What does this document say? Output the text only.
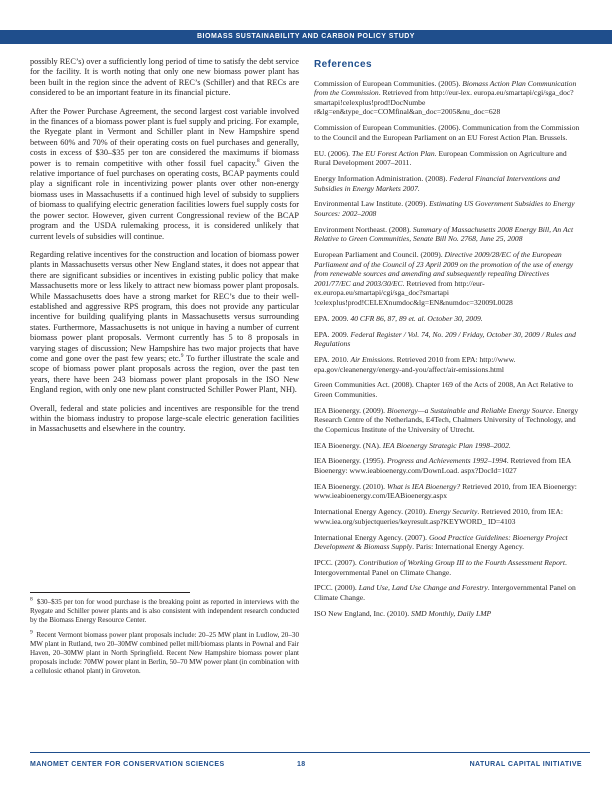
BIOMASS SUSTAINABILITY AND CARBON POLICY STUDY

possibly REC’s) over a sufficiently long period of time to satisfy the debt service for the facility. It is worth noting that only one new biomass power plant has been built in the region since the advent of REC’s (Schiller) and that RECs are considered to be an important feature in its financial picture.

After the Power Purchase Agreement, the second largest cost variable involved in the finances of a biomass power plant is fuel supply and pricing. For example, the Ryegate plant in Vermont and Schiller plant in New Hampshire spend between 60% and 70% of their operating costs on fuel purchases and generally, costs in excess of $30–$35 per ton are considered the maximums if biomass power is to remain competitive with other fossil fuel capacity.$^8$ Given the relative importance of fuel purchases on operating costs, BCAP payments could play a significant role in incentivizing power plants over other non-energy biomass uses in Massachusetts if a continued high level of subsidy to suppliers of biomass to qualifying electric generation facilities lowers fuel supply costs for the power sector. However, given current Congressional review of the BCAP program and the USDA rulemaking process, it is considered unlikely that current levels of subsidies will continue.

Regarding relative incentives for the construction and location of biomass power plants in Massachusetts versus other New England states, it does not appear that there are significant subsidies or incentives in existing public policy that make Massachusetts more or less likely to attract new biomass power plant proposals. While Massachusetts does have a strong market for REC’s due to their well-established and aggressive RPS program, this does not provide any particular incentive for building qualifying plants in Massachusetts versus surrounding states. Furthermore, Massachusetts is not unique in having a number of current biomass power plant proposals. Vermont currently has 5 to 8 proposals in varying stages of discussion; New Hampshire has two major projects that have come and gone over the past few years; etc.$^9$ To further illustrate the scale and scope of biomass power plant proposals across the region, over the past ten years, there have been 243 biomass power plant proposals in the ISO New England region, with only one new plant constructed Schiller Power Plant, NH).

Overall, federal and state policies and incentives are responsible for the trend within the biomass industry to propose large-scale electric generation facilities in Massachusetts and elsewhere in the country.

$^8$ $30–$35 per ton for wood purchase is the breaking point as reported in interviews with the Ryegate and Schiller power plants and is also consistent with independent research conducted by the Biomass Energy Resource Center.
$^9$ Recent Vermont biomass power plant proposals include: 20–25 MW plant in Ludlow, 20–30 MW plant in Rutland, two 20–30MW combined pellet mill/biomass plants in Pownal and Fair Haven, 20–30MW plant in North Springfield. Recent New Hampshire biomass power plant proposals include: 70MW power plant in Berlin, 50–70 MW power plant (in combination with a cellulosic ethanol plant) in Groveton.
References

Commission of European Communities. (2005). Biomass Action Plan Communication from the Commission. Retrieved from http://eur-lex. europa.eu/smartapi/cgi/sga_doc?smartapi!celexplus!prod!DocNumbe r&lg=en&type_doc=COMfinal&an_doc=2005&nu_doc=628

Commission of European Communities. (2006). Communication from the Commission to the Council and the European Parliament on an EU Forest Action Plan. Brussels.

EU. (2006). The EU Forest Action Plan. European Commission on Agriculture and Rural Development 2007–2011.

Energy Information Administration. (2008). Federal Financial Interventions and Subsidies in Energy Markets 2007.

Environmental Law Institute. (2009). Estimating US Government Subsidies to Energy Sources: 2002–2008

Environment Northeast. (2008). Summary of Massachusetts 2008 Energy Bill, An Act Relative to Green Communities, Senate Bill No. 2768, June 25, 2008

European Parliament and Council. (2009). Directive 2009/28/EC of the European Parliament and of the Council of 23 April 2009 on the promotion of the use of energy from renewable sources and amending and subsequently repealing Directives 2001/77/EC and 2003/30/EC. Retrieved from http://eur-ex.europa.eu/smartapi/cgi/sga_doc?smartapi !celexplus!prod!CELEXnumdoc&lg=EN&numdoc=32009L0028

EPA. 2009. 40 CFR 86, 87, 89 et. al. October 30, 2009.

EPA. 2009. Federal Register / Vol. 74, No. 209 / Friday, October 30, 2009 / Rules and Regulations

EPA. 2010. Air Emissions. Retrieved 2010 from EPA: http://www. epa.gov/cleanenergy/energy-and-you/affect/air-emissions.html

Green Communities Act. (2008). Chapter 169 of the Acts of 2008, An Act Relative to Green Communities.

IEA Bioenergy. (2009). Bioenergy—a Sustainable and Reliable Energy Source. Energy Research Centre of the Netherlands, E4Tech, Chalmers University of Technology, and the Copernicus Institute of the University of Utrecht.

IEA Bioenergy. (NA). IEA Bioenergy Strategic Plan 1998–2002.

IEA Bioenergy. (1995). Progress and Achievements 1992–1994. Retrieved from IEA Bioenergy: www.ieabioenergy.com/DownLoad. aspx?DocId=1027

IEA Bioenergy. (2010). What is IEA Bioenergy? Retrieved 2010, from IEA Bioenergy: www.ieabioenergy.com/IEABioenergy.aspx

International Energy Agency. (2010). Energy Security. Retrieved 2010, from IEA: www.iea.org/subjectqueries/keyresult.asp?KEYWORD_ ID=4103

International Energy Agency. (2007). Good Practice Guidelines: Bioenergy Project Development & Biomass Supply. Paris: International Energy Agency.

IPCC. (2007). Contribution of Working Group III to the Fourth Assessment Report. Intergovernmental Panel on Climate Change.

IPCC. (2000). Land Use, Land Use Change and Forestry. Intergovernmental Panel on Climate Change.

ISO New England, Inc. (2010). SMD Monthly, Daily LMP

MANOMET CENTER FOR CONSERVATION SCIENCES	18	NATURAL CAPITAL INITIATIVE
